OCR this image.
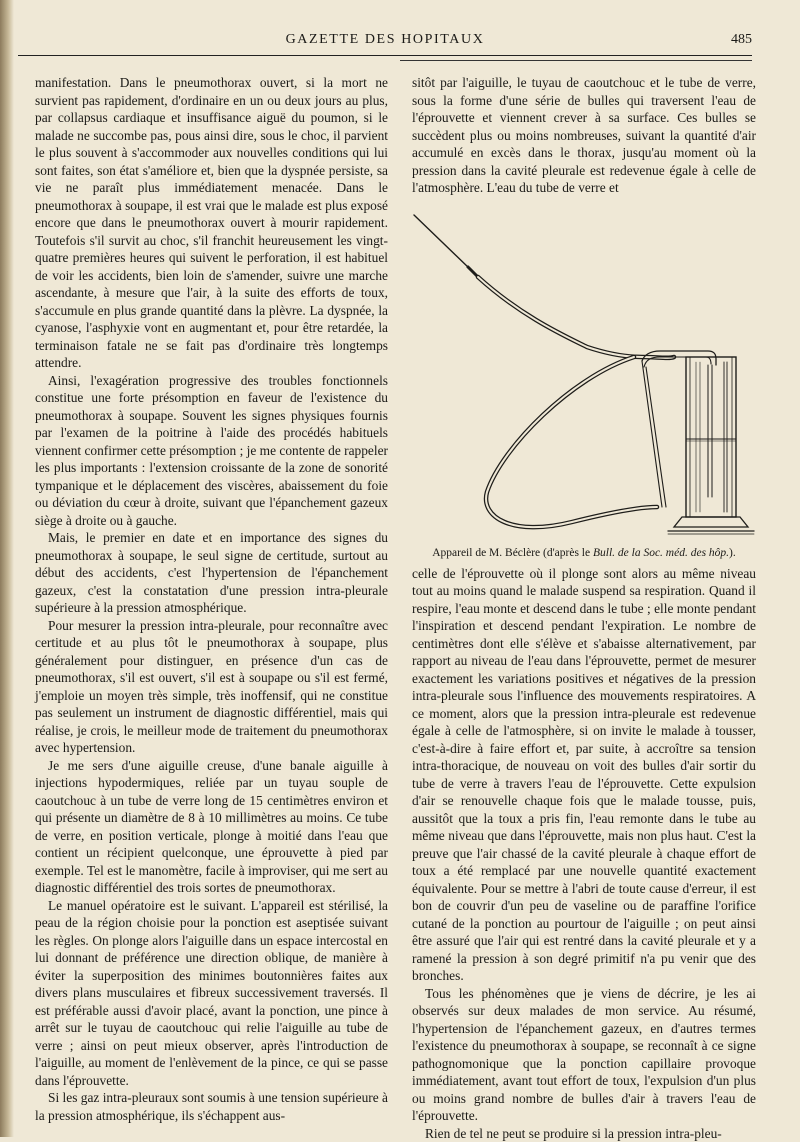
GAZETTE DES HOPITAUX	485

manifestation. Dans le pneumothorax ouvert, si la mort ne survient pas rapidement, d'ordinaire en un ou deux jours au plus, par collapsus cardiaque et insuffisance aiguë du poumon, si le malade ne succombe pas, pous ainsi dire, sous le choc, il parvient le plus souvent à s'accommoder aux nouvelles conditions qui lui sont faites, son état s'améliore et, bien que la dyspnée persiste, sa vie ne paraît plus immédiatement menacée. Dans le pneumothorax à soupape, il est vrai que le malade est plus exposé encore que dans le pneumothorax ouvert à mourir rapidement. Toutefois s'il survit au choc, s'il franchit heureusement les vingt-quatre premières heures qui suivent le perforation, il est habituel de voir les accidents, bien loin de s'amender, suivre une marche ascendante, à mesure que l'air, à la suite des efforts de toux, s'accumule en plus grande quantité dans la plèvre. La dyspnée, la cyanose, l'asphyxie vont en augmentant et, pour être retardée, la terminaison fatale ne se fait pas d'ordinaire très longtemps attendre.

Ainsi, l'exagération progressive des troubles fonctionnels constitue une forte présomption en faveur de l'existence du pneumothorax à soupape. Souvent les signes physiques fournis par l'examen de la poitrine à l'aide des procédés habituels viennent confirmer cette présomption ; je me contente de rappeler les plus importants : l'extension croissante de la zone de sonorité tympanique et le déplacement des viscères, abaissement du foie ou déviation du cœur à droite, suivant que l'épanchement gazeux siège à droite ou à gauche.

Mais, le premier en date et en importance des signes du pneumothorax à soupape, le seul signe de certitude, surtout au début des accidents, c'est l'hypertension de l'épanchement gazeux, c'est la constatation d'une pression intra-pleurale supérieure à la pression atmosphérique.

Pour mesurer la pression intra-pleurale, pour reconnaître avec certitude et au plus tôt le pneumothorax à soupape, plus généralement pour distinguer, en présence d'un cas de pneumothorax, s'il est ouvert, s'il est à soupape ou s'il est fermé, j'emploie un moyen très simple, très inoffensif, qui ne constitue pas seulement un instrument de diagnostic différentiel, mais qui réalise, je crois, le meilleur mode de traitement du pneumothorax avec hypertension.

Je me sers d'une aiguille creuse, d'une banale aiguille à injections hypodermiques, reliée par un tuyau souple de caoutchouc à un tube de verre long de 15 centimètres environ et qui présente un diamètre de 8 à 10 millimètres au moins. Ce tube de verre, en position verticale, plonge à moitié dans l'eau que contient un récipient quelconque, une éprouvette à pied par exemple. Tel est le manomètre, facile à improviser, qui me sert au diagnostic différentiel des trois sortes de pneumothorax.

Le manuel opératoire est le suivant. L'appareil est stérilisé, la peau de la région choisie pour la ponction est aseptisée suivant les règles. On plonge alors l'aiguille dans un espace intercostal en lui donnant de préférence une direction oblique, de manière à éviter la superposition des minimes boutonnières faites aux divers plans musculaires et fibreux successivement traversés. Il est préférable aussi d'avoir placé, avant la ponction, une pince à arrêt sur le tuyau de caoutchouc qui relie l'aiguille au tube de verre ; ainsi on peut mieux observer, après l'introduction de l'aiguille, au moment de l'enlèvement de la pince, ce qui se passe dans l'éprouvette.

Si les gaz intra-pleuraux sont soumis à une tension supérieure à la pression atmosphérique, ils s'échappent aus-

sitôt par l'aiguille, le tuyau de caoutchouc et le tube de verre, sous la forme d'une série de bulles qui traversent l'eau de l'éprouvette et viennent crever à sa surface. Ces bulles se succèdent plus ou moins nombreuses, suivant la quantité d'air accumulé en excès dans le thorax, jusqu'au moment où la pression dans la cavité pleurale est redevenue égale à celle de l'atmosphère. L'eau du tube de verre et

Appareil de M. Béclère (d'après le Bull. de la Soc. méd. des hôp.).

celle de l'éprouvette où il plonge sont alors au même niveau tout au moins quand le malade suspend sa respiration. Quand il respire, l'eau monte et descend dans le tube ; elle monte pendant l'inspiration et descend pendant l'expiration. Le nombre de centimètres dont elle s'élève et s'abaisse alternativement, par rapport au niveau de l'eau dans l'éprouvette, permet de mesurer exactement les variations positives et négatives de la pression intra-pleurale sous l'influence des mouvements respiratoires. A ce moment, alors que la pression intra-pleurale est redevenue égale à celle de l'atmosphère, si on invite le malade à tousser, c'est-à-dire à faire effort et, par suite, à accroître sa tension intra-thoracique, de nouveau on voit des bulles d'air sortir du tube de verre à travers l'eau de l'éprouvette. Cette expulsion d'air se renouvelle chaque fois que le malade tousse, puis, aussitôt que la toux a pris fin, l'eau remonte dans le tube au même niveau que dans l'éprouvette, mais non plus haut. C'est la preuve que l'air chassé de la cavité pleurale à chaque effort de toux a été remplacé par une nouvelle quantité exactement équivalente. Pour se mettre à l'abri de toute cause d'erreur, il est bon de couvrir d'un peu de vaseline ou de paraffine l'orifice cutané de la ponction au pourtour de l'aiguille ; on peut ainsi être assuré que l'air qui est rentré dans la cavité pleurale et y a ramené la pression à son degré primitif n'a pu venir que des bronches.

Tous les phénomènes que je viens de décrire, je les ai observés sur deux malades de mon service. Au résumé, l'hypertension de l'épanchement gazeux, en d'autres termes l'existence du pneumothorax à soupape, se reconnaît à ce signe pathognomonique que la ponction capillaire provoque immédiatement, avant tout effort de toux, l'expulsion d'un plus ou moins grand nombre de bulles d'air à travers l'eau de l'éprouvette.

Rien de tel ne peut se produire si la pression intra-pleu-
